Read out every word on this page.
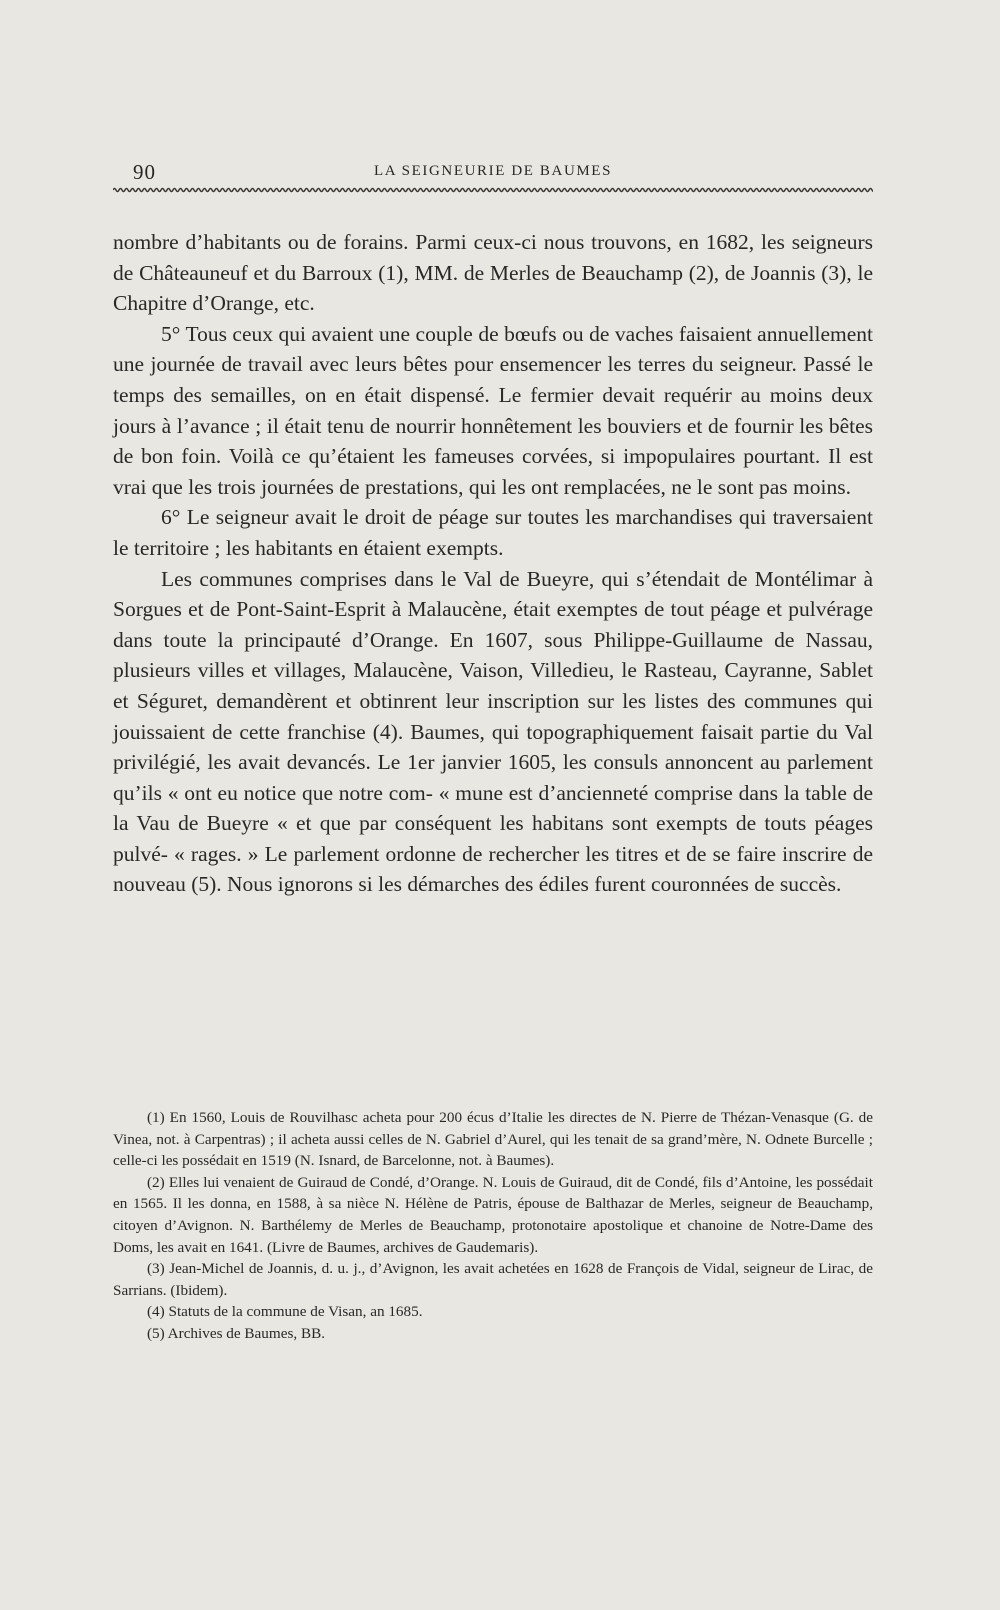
90	LA SEIGNEURIE DE BAUMES

nombre d’habitants ou de forains. Parmi ceux-ci nous trouvons, en 1682, les seigneurs de Châteauneuf et du Barroux (1), MM. de Merles de Beauchamp (2), de Joannis (3), le Chapitre d’Orange, etc.

5° Tous ceux qui avaient une couple de bœufs ou de vaches faisaient annuellement une journée de travail avec leurs bêtes pour ensemencer les terres du seigneur. Passé le temps des semailles, on en était dispensé. Le fermier devait requérir au moins deux jours à l’avance ; il était tenu de nourrir honnêtement les bouviers et de fournir les bêtes de bon foin. Voilà ce qu’étaient les fameuses corvées, si impopulaires pourtant. Il est vrai que les trois journées de prestations, qui les ont remplacées, ne le sont pas moins.

6° Le seigneur avait le droit de péage sur toutes les marchandises qui traversaient le territoire ; les habitants en étaient exempts.

Les communes comprises dans le Val de Bueyre, qui s’étendait de Montélimar à Sorgues et de Pont-Saint-Esprit à Malaucène, était exemptes de tout péage et pulvérage dans toute la principauté d’Orange. En 1607, sous Philippe-Guillaume de Nassau, plusieurs villes et villages, Malaucène, Vaison, Villedieu, le Rasteau, Cayranne, Sablet et Séguret, demandèrent et obtinrent leur inscription sur les listes des communes qui jouissaient de cette franchise (4). Baumes, qui topographiquement faisait partie du Val privilégié, les avait devancés. Le 1er janvier 1605, les consuls annoncent au parlement qu’ils « ont eu notice que notre com- « mune est d’ancienneté comprise dans la table de la Vau de Bueyre « et que par conséquent les habitans sont exempts de touts péages pulvé- « rages. » Le parlement ordonne de rechercher les titres et de se faire inscrire de nouveau (5). Nous ignorons si les démarches des édiles furent couronnées de succès.

(1) En 1560, Louis de Rouvilhasc acheta pour 200 écus d’Italie les directes de N. Pierre de Thézan-Venasque (G. de Vinea, not. à Carpentras) ; il acheta aussi celles de N. Gabriel d’Aurel, qui les tenait de sa grand’mère, N. Odnete Burcelle ; celle-ci les possédait en 1519 (N. Isnard, de Barcelonne, not. à Baumes).

(2) Elles lui venaient de Guiraud de Condé, d’Orange. N. Louis de Guiraud, dit de Condé, fils d’Antoine, les possédait en 1565. Il les donna, en 1588, à sa nièce N. Hélène de Patris, épouse de Balthazar de Merles, seigneur de Beauchamp, citoyen d’Avignon. N. Barthélemy de Merles de Beauchamp, protonotaire apostolique et chanoine de Notre-Dame des Doms, les avait en 1641. (Livre de Baumes, archives de Gaudemaris).

(3) Jean-Michel de Joannis, d. u. j., d’Avignon, les avait achetées en 1628 de François de Vidal, seigneur de Lirac, de Sarrians. (Ibidem).

(4) Statuts de la commune de Visan, an 1685.

(5) Archives de Baumes, BB.
